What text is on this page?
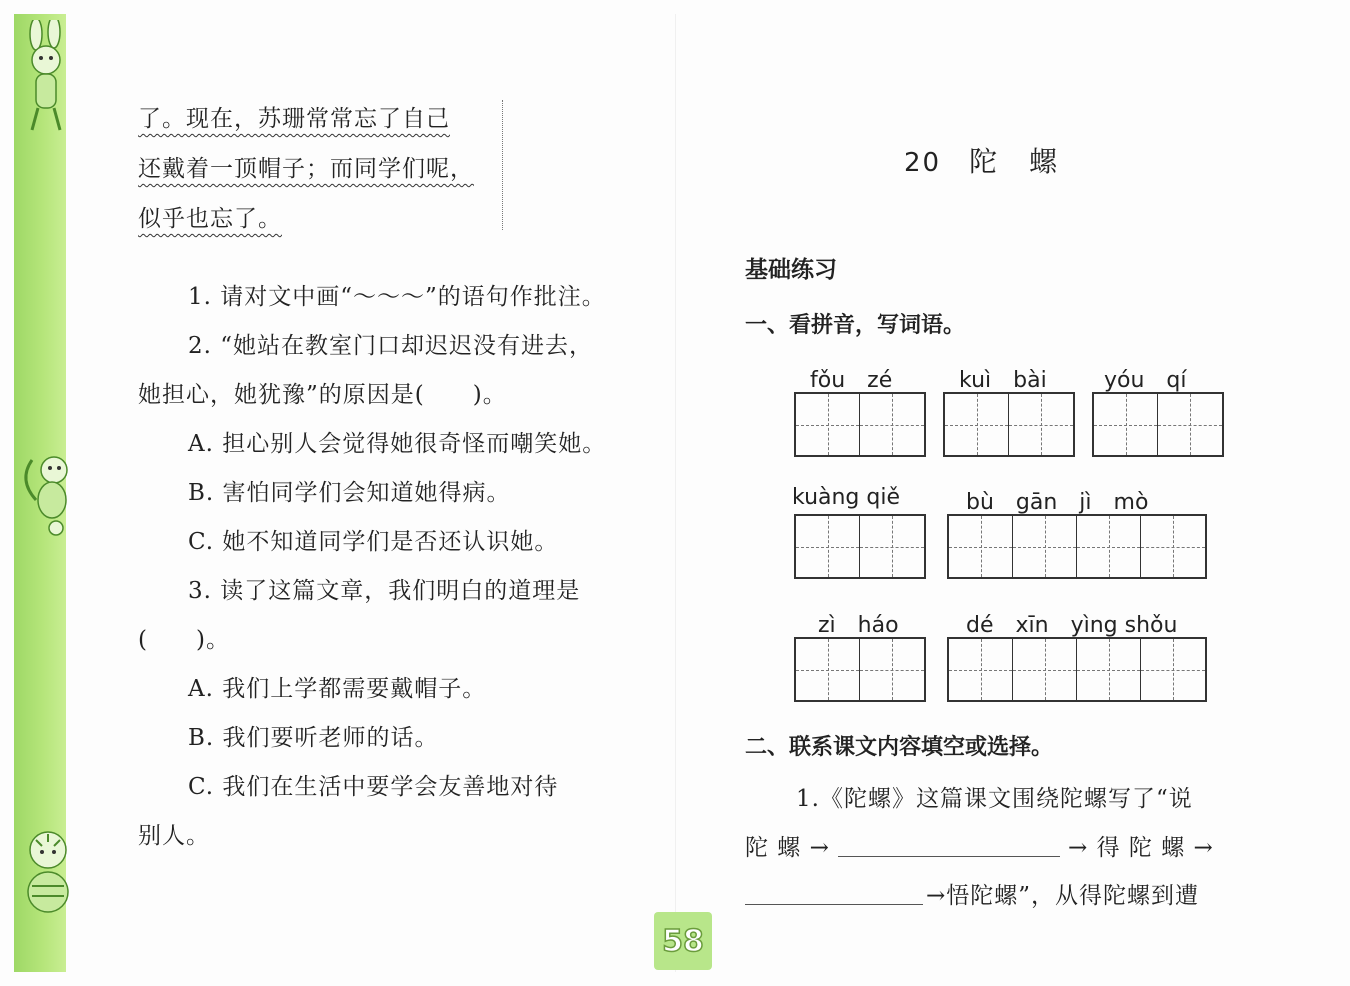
了。现在，苏珊常常忘了自己
还戴着一顶帽子；而同学们呢，
似乎也忘了。
1. 请对文中画“～～～”的语句作批注。
2. “她站在教室门口却迟迟没有进去，
她担心，她犹豫”的原因是(　　)。
A. 担心别人会觉得她很奇怪而嘲笑她。
B. 害怕同学们会知道她得病。
C. 她不知道同学们是否还认识她。
3. 读了这篇文章，我们明白的道理是
(　　)。
A. 我们上学都需要戴帽子。
B. 我们要听老师的话。
C. 我们在生活中要学会友善地对待
别人。
20 陀　螺
基础练习
一、看拼音，写词语。
fǒu　zé	kuì　bài	yóu　qí
kuàng qiě	bù　gān　jì　mò
zì　háo	dé　xīn　yìng shǒu
二、联系课文内容填空或选择。
1.《陀螺》这篇课文围绕陀螺写了“说
陀 螺 →	→ 得 陀 螺 →
→悟陀螺”，从得陀螺到遭
58
